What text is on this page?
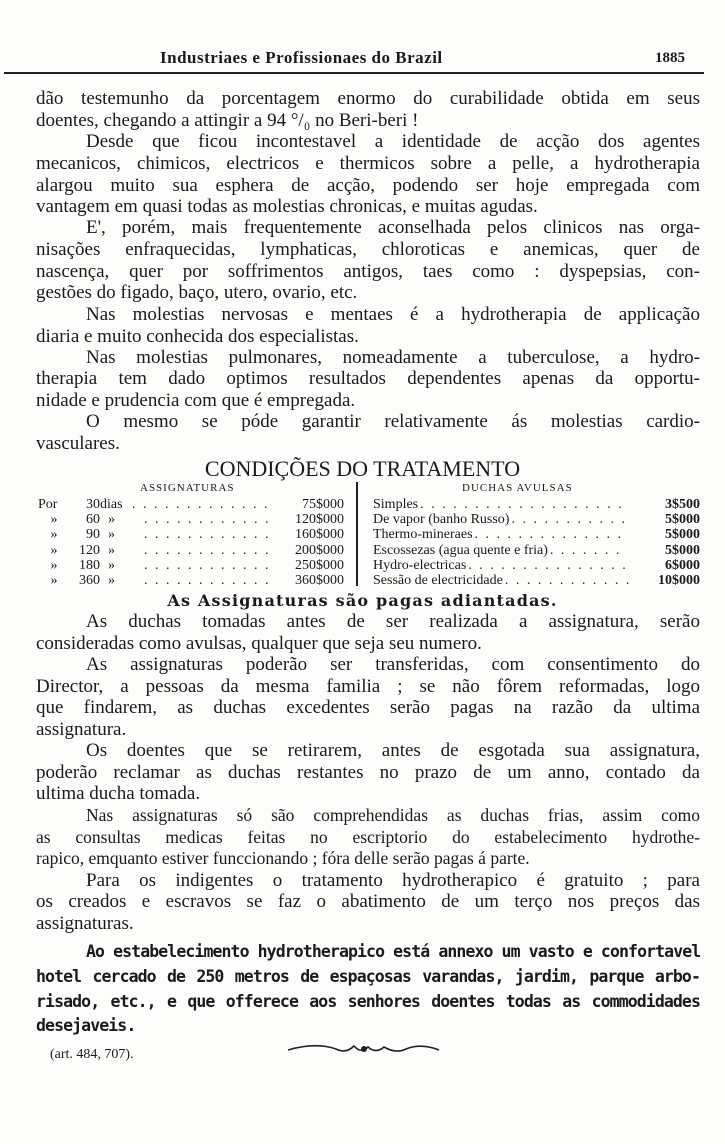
Industriaes e Profissionaes do Brazil	1885
dão testemunho da porcentagem enormo do curabilidade obtida em seus
doentes, chegando a attingir a 94 °/₀ no Beri-beri !
Desde que ficou incontestavel a identidade de acção dos agentes
mecanicos, chimicos, electricos e thermicos sobre a pelle, a hydrotherapia
alargou muito sua esphera de acção, podendo ser hoje empregada com
vantagem em quasi todas as molestias chronicas, e muitas agudas.
E', porém, mais frequentemente aconselhada pelos clinicos nas orga-
nisações enfraquecidas, lymphaticas, chloroticas e anemicas, quer de
nascença, quer por soffrimentos antigos, taes como : dyspepsias, con-
gestões do figado, baço, utero, ovario, etc.
Nas molestias nervosas e mentaes é a hydrotherapia de applicação
diaria e muito conhecida dos especialistas.
Nas molestias pulmonares, nomeadamente a tuberculose, a hydro-
therapia tem dado optimos resultados dependentes apenas da opportu-
nidade e prudencia com que é empregada.
O mesmo se póde garantir relativamente ás molestias cardio-
vasculares.
CONDIÇÕES DO TRATAMENTO
ASSIGNATURAS	DUCHAS AVULSAS
Por	30 dias . . . . . . . . . . . . .	75$000
»	60 »	. . . . . . . . . . . .	120$000
»	90 »	. . . . . . . . . . . .	160$000
»	120 »	. . . . . . . . . . . .	200$000
»	180 »	. . . . . . . . . . . .	250$000
»	360 »	. . . . . . . . . . . .	360$000
Simples . . . . . . . . . . . . . . . . . . .	3$500
De vapor (banho Russo) . . . . . . . . . . .	5$000
Thermo-mineraes . . . . . . . . . . . . . .	5$000
Escossezas (agua quente e fria) . . . . . . .	5$000
Hydro-electricas . . . . . . . . . . . . . . .	6$000
Sessão de electricidade . . . . . . . . . . . .	10$000
As Assignaturas são pagas adiantadas.
As duchas tomadas antes de ser realizada a assignatura, serão
consideradas como avulsas, qualquer que seja seu numero.
As assignaturas poderão ser transferidas, com consentimento do
Director, a pessoas da mesma familia ; se não fôrem reformadas, logo
que findarem, as duchas excedentes serão pagas na razão da ultima
assignatura.
Os doentes que se retirarem, antes de esgotada sua assignatura,
poderão reclamar as duchas restantes no prazo de um anno, contado da
ultima ducha tomada.
Nas assignaturas só são comprehendidas as duchas frias, assim como
as consultas medicas feitas no escriptorio do estabelecimento hydrothe-
rapico, emquanto estiver funccionando ; fóra delle serão pagas á parte.
Para os indigentes o tratamento hydrotherapico é gratuito ; para
os creados e escravos se faz o abatimento de um terço nos preços das
assignaturas.
Ao estabelecimento hydrotherapico está annexo um vasto e confortavel
hotel cercado de 250 metros de espaçosas varandas, jardim, parque arbo-
risado, etc., e que offerece aos senhores doentes todas as commodidades
desejaveis.
(art. 484, 707).
